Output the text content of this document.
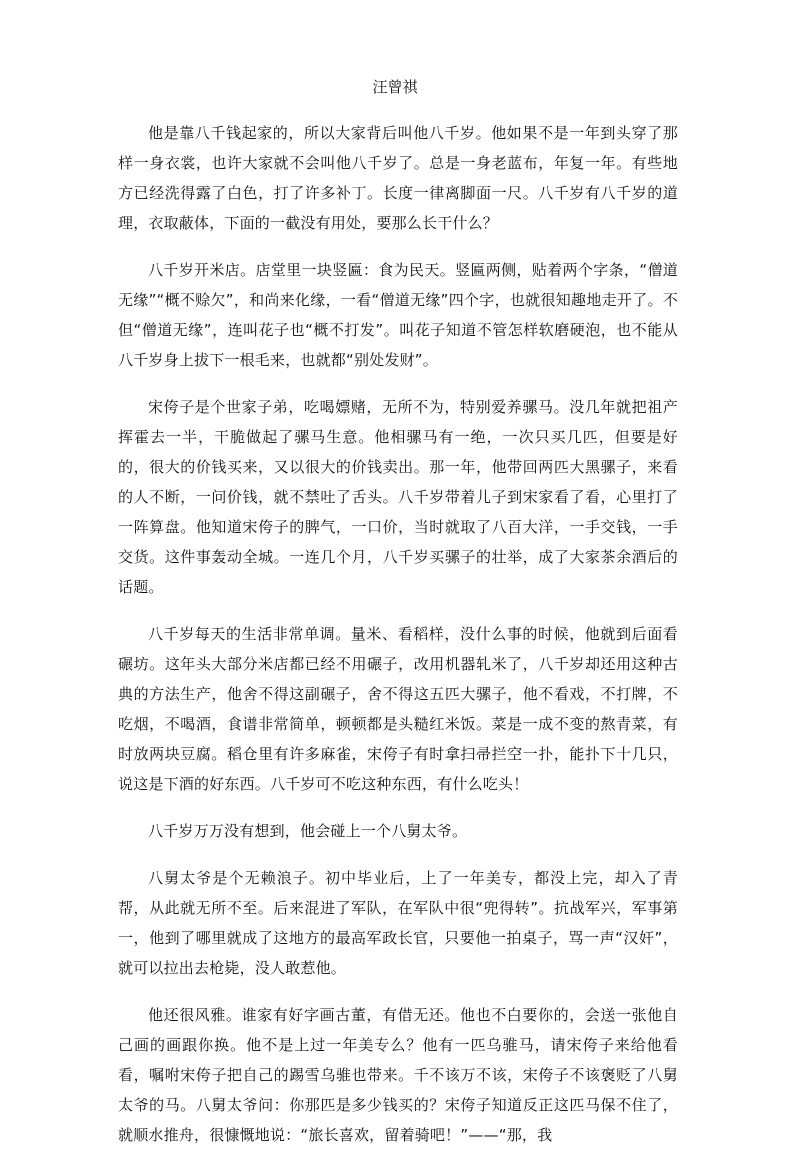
汪曾祺

他是靠八千钱起家的，所以大家背后叫他八千岁。他如果不是一年到头穿了那样一身衣裳，也许大家就不会叫他八千岁了。总是一身老蓝布，年复一年。有些地方已经洗得露了白色，打了许多补丁。长度一律离脚面一尺。八千岁有八千岁的道理，衣取蔽体，下面的一截没有用处，要那么长干什么？

八千岁开米店。店堂里一块竖匾：食为民天。竖匾两侧，贴着两个字条，“僧道无缘”“概不赊欠”，和尚来化缘，一看“僧道无缘”四个字，也就很知趣地走开了。不但“僧道无缘”，连叫花子也“概不打发”。叫花子知道不管怎样软磨硬泡，也不能从八千岁身上拔下一根毛来，也就都“别处发财”。

宋侉子是个世家子弟，吃喝嫖赌，无所不为，特别爱养骡马。没几年就把祖产挥霍去一半，干脆做起了骡马生意。他相骡马有一绝，一次只买几匹，但要是好的，很大的价钱买来，又以很大的价钱卖出。那一年，他带回两匹大黑骡子，来看的人不断，一问价钱，就不禁吐了舌头。八千岁带着儿子到宋家看了看，心里打了一阵算盘。他知道宋侉子的脾气，一口价，当时就取了八百大洋，一手交钱，一手交货。这件事轰动全城。一连几个月，八千岁买骡子的壮举，成了大家茶余酒后的话题。

八千岁每天的生活非常单调。量米、看稻样，没什么事的时候，他就到后面看碾坊。这年头大部分米店都已经不用碾子，改用机器轧米了，八千岁却还用这种古典的方法生产，他舍不得这副碾子，舍不得这五匹大骡子，他不看戏，不打牌，不吃烟，不喝酒，食谱非常简单，顿顿都是头糙红米饭。菜是一成不变的熬青菜，有时放两块豆腐。稻仓里有许多麻雀，宋侉子有时拿扫帚拦空一扑，能扑下十几只，说这是下酒的好东西。八千岁可不吃这种东西，有什么吃头！

八千岁万万没有想到，他会碰上一个八舅太爷。

八舅太爷是个无赖浪子。初中毕业后，上了一年美专，都没上完，却入了青帮，从此就无所不至。后来混进了军队，在军队中很“兜得转”。抗战军兴，军事第一，他到了哪里就成了这地方的最高军政长官，只要他一拍桌子，骂一声“汉奸”，就可以拉出去枪毙，没人敢惹他。

他还很风雅。谁家有好字画古董，有借无还。他也不白要你的，会送一张他自己画的画跟你换。他不是上过一年美专么？他有一匹乌骓马，请宋侉子来给他看看，嘱咐宋侉子把自己的踢雪乌骓也带来。千不该万不该，宋侉子不该褒贬了八舅太爷的马。八舅太爷问：你那匹是多少钱买的？宋侉子知道反正这匹马保不住了，就顺水推舟，很慷慨地说：“旅长喜欢，留着骑吧！”——“那，我
